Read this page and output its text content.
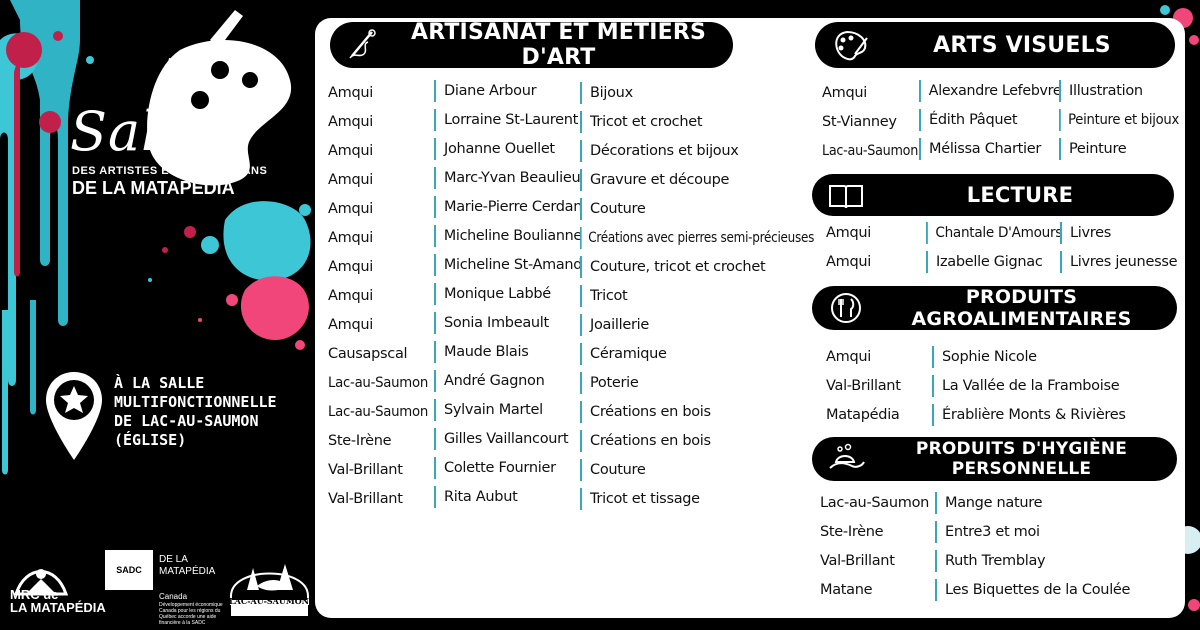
Salon
DES ARTISTES ET DES ARTISANS
DE LA MATAPÉDIA
À LA SALLE
MULTIFONCTIONNELLE
DE LAC-AU-SAUMON
(ÉGLISE)
MRC de
LA MATAPÉDIA
SADC
DE LA
MATAPÉDIA
Canada
Développement économique Canada pour les régions du Québec accorde une aide financière à la SADC
LAC-AU-SAUMON
ARTISANAT ET MÉTIERS D'ART	ARTS VISUELS
LECTURE
PRODUITS AGROALIMENTAIRES
PRODUITS D'HYGIÈNE PERSONNELLE
Amqui
Amqui
Amqui
Amqui
Amqui
Amqui
Amqui
Amqui
Amqui
Causapscal
Lac-au-Saumon
Lac-au-Saumon
Ste-Irène
Val-Brillant
Val-Brillant
Diane Arbour
Lorraine St-Laurent
Johanne Ouellet
Marc-Yvan Beaulieu
Marie-Pierre Cerdan
Micheline Boulianne
Micheline St-Amand
Monique Labbé
Sonia Imbeault
Maude Blais
André Gagnon
Sylvain Martel
Gilles Vaillancourt
Colette Fournier
Rita Aubut
Bijoux
Tricot et crochet
Décorations et bijoux
Gravure et découpe
Couture
Créations avec pierres semi-précieuses
Couture, tricot et crochet
Tricot
Joaillerie
Céramique
Poterie
Créations en bois
Créations en bois
Couture
Tricot et tissage
Amqui
St-Vianney
Lac-au-Saumon
Alexandre Lefebvre
Édith Pâquet
Mélissa Chartier
Illustration
Peinture et bijoux
Peinture
Amqui
Amqui
Chantale D'Amours
Izabelle Gignac
Livres
Livres jeunesse
Amqui
Val-Brillant
Matapédia
Sophie Nicole
La Vallée de la Framboise
Érablière Monts & Rivières
Lac-au-Saumon
Ste-Irène
Val-Brillant
Matane
Mange nature
Entre3 et moi
Ruth Tremblay
Les Biquettes de la Coulée
